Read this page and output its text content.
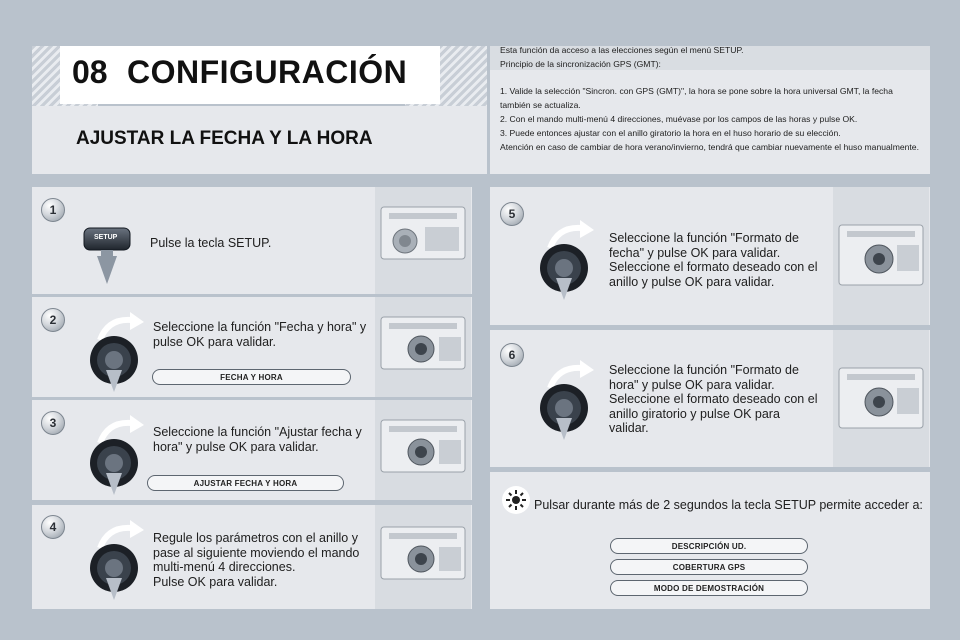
08 CONFIGURACIÓN
AJUSTAR LA FECHA Y LA HORA
Esta función da acceso a las elecciones según el menú SETUP.
Principio de la sincronización GPS (GMT):
1. Valide la selección "Sincron. con GPS (GMT)", la hora se pone sobre la hora universal GMT, la fecha también se actualiza.
2. Con el mando multi-menú 4 direcciones, muévase por los campos de las horas y pulse OK.
3. Puede entonces ajustar con el anillo giratorio la hora en el huso horario de su elección.
Atención en caso de cambiar de hora verano/invierno, tendrá que cambiar nuevamente el huso manualmente.
1
2
3
4
5
6
SETUP	Pulse la tecla SETUP.
Seleccione la función "Fecha y hora" y pulse OK para validar.
FECHA Y HORA
Seleccione la función "Ajustar fecha y hora" y pulse OK para validar.
AJUSTAR FECHA Y HORA
Regule los parámetros con el anillo y pase al siguiente moviendo el mando multi-menú 4 direcciones.
Pulse OK para validar.
Seleccione la función "Formato de fecha" y pulse OK para validar.
Seleccione el formato deseado con el anillo y pulse OK para validar.
Seleccione la función "Formato de hora" y pulse OK para validar.
Seleccione el formato deseado con el anillo giratorio y pulse OK para validar.
Pulsar durante más de 2 segundos la tecla SETUP permite acceder a:
DESCRIPCIÓN UD.
COBERTURA GPS
MODO DE DEMOSTRACIÓN
